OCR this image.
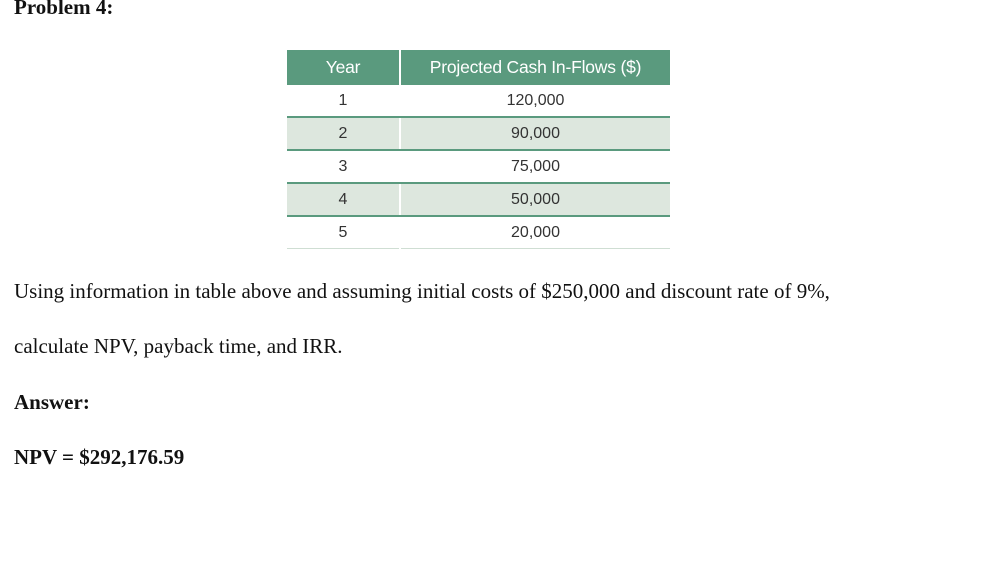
Problem 4:

Year	Projected Cash In-Flows ($)
1	120,000
2	90,000
3	75,000
4	50,000
5	20,000

Using information in table above and assuming initial costs of $250,000 and discount rate of 9%,

calculate NPV, payback time, and IRR.

Answer:

NPV = $292,176.59
